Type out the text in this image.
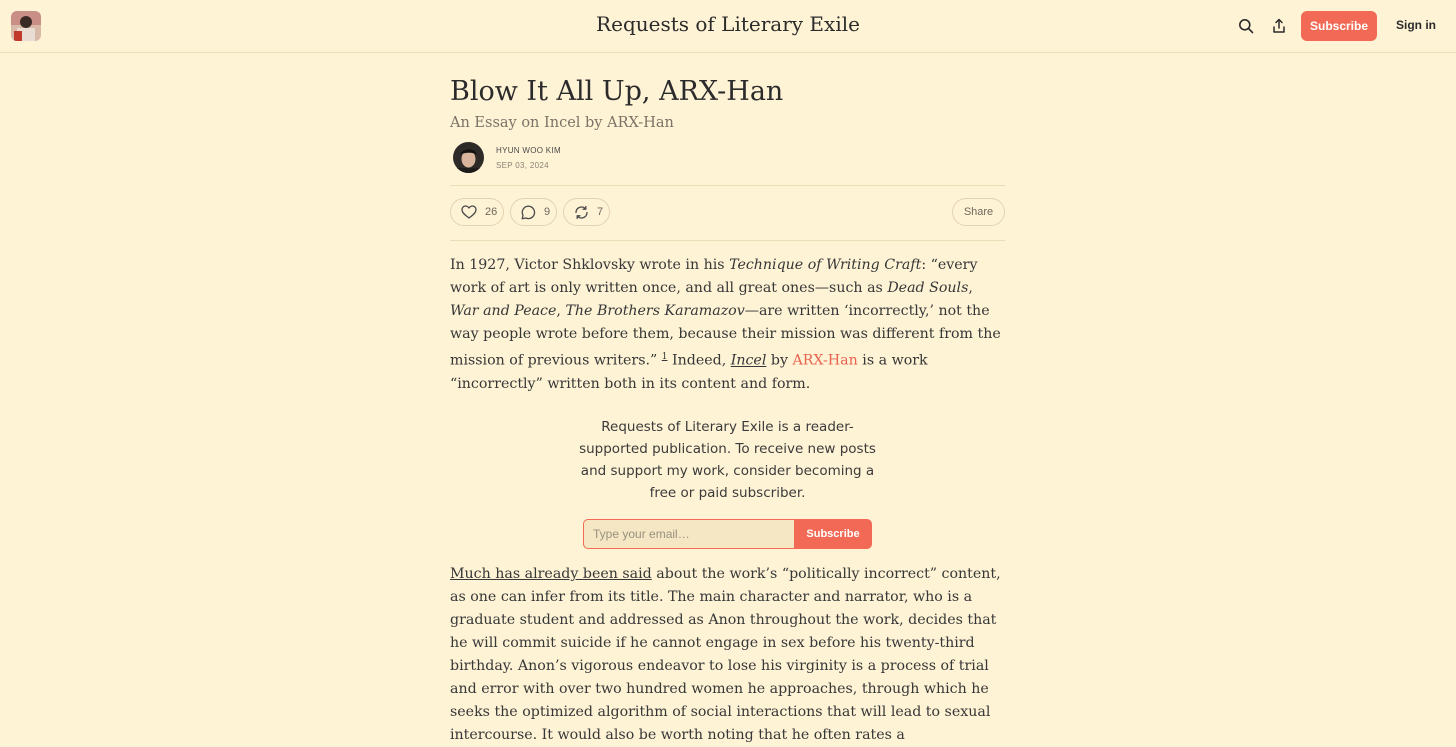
Requests of Literary Exile	Subscribe	Sign in
Blow It All Up, ARX-Han
An Essay on Incel by ARX-Han
HYUN WOO KIM
SEP 03, 2024
26	9	7	Share
In 1927, Victor Shklovsky wrote in his Technique of Writing Craft: “every work of art is only written once, and all great ones—such as Dead Souls, War and Peace, The Brothers Karamazov—are written ‘incorrectly,’ not the way people wrote before them, because their mission was different from the mission of previous writers.” $^1$ Indeed, Incel by ARX-Han is a work “incorrectly” written both in its content and form.
Requests of Literary Exile is a reader-supported publication. To receive new posts and support my work, consider becoming a free or paid subscriber.
Type your email…
Subscribe
Much has already been said about the work’s “politically incorrect” content, as one can infer from its title. The main character and narrator, who is a graduate student and addressed as Anon throughout the work, decides that he will commit suicide if he cannot engage in sex before his twenty-third birthday. Anon’s vigorous endeavor to lose his virginity is a process of trial and error with over two hundred women he approaches, through which he seeks the optimized algorithm of social interactions that will lead to sexual intercourse. It would also be worth noting that he often rates a
